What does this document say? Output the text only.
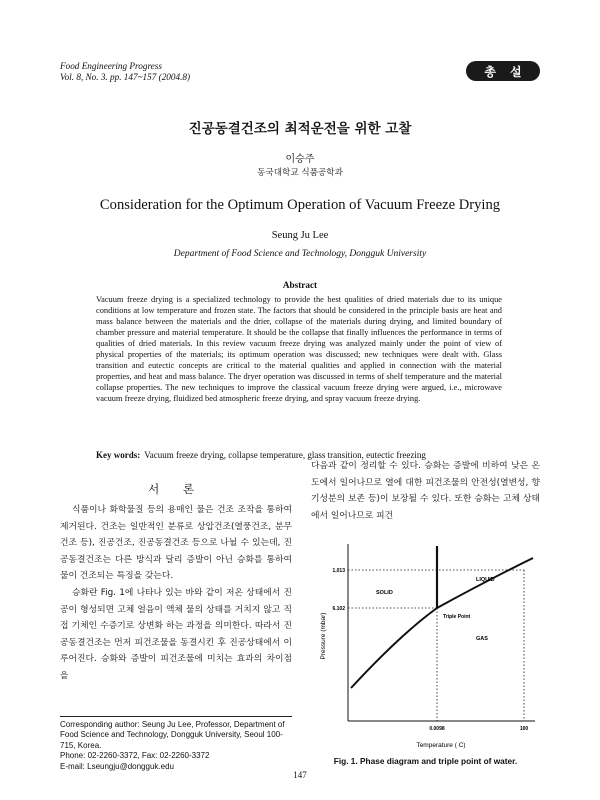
Food Engineering Progress
Vol. 8, No. 3. pp. 147~157 (2004.8)	총설
진공동결건조의 최적운전을 위한 고찰
이승주
동국대학교 식품공학과
Consideration for the Optimum Operation of Vacuum Freeze Drying
Seung Ju Lee
Department of Food Science and Technology, Dongguk University
Abstract
Vacuum freeze drying is a specialized technology to provide the best qualities of dried materials due to its unique conditions at low temperature and frozen state. The factors that should be considered in the principle basis are heat and mass balance between the materials and the drier, collapse of the materials during drying, and limited boundary of chamber pressure and material temperature. It should be the collapse that finally influences the performance in terms of qualities of dried materials. In this review vacuum freeze drying was analyzed mainly under the point of view of physical properties of the materials; its optimum operation was discussed; new techniques were dealt with. Glass transition and eutectic concepts are critical to the material qualities and applied in connection with the material properties, and heat and mass balance. The dryer operation was discussed in terms of shelf temperature and the material collapse properties. The new techniques to improve the classical vacuum freeze drying were argued, i.e., microwave vacuum freeze drying, fluidized bed atmospheric freeze drying, and spray vacuum freeze drying.
Key words: Vacuum freeze drying, collapse temperature, glass transition, eutectic freezing
서 론

식품이나 화학물질 등의 용매인 물은 건조 조작을 통하여 제거된다. 건조는 일반적인 분류로 상압건조(열풍건조, 분무건조 등), 진공건조, 진공동결건조 등으로 나뉠 수 있는데, 진공동결건조는 다른 방식과 달리 증발이 아닌 승화를 통하여 물이 건조되는 특징을 갖는다.

승화란 Fig. 1에 나타나 있는 바와 같이 저온 상태에서 진공이 형성되면 고체 얼음이 액체 물의 상태를 거치지 않고 직접 기체인 수증기로 상변화 하는 과정을 의미한다. 따라서 진공동결건조는 먼저 피건조물을 동결시킨 후 진공상태에서 이루어진다. 승화와 증발이 피건조물에 미치는 효과의 차이점을

다음과 같이 정리할 수 있다. 승화는 증발에 비하여 낮은 온도에서 일어나므로 열에 대한 피건조물의 안전성(열변성, 향기성분의 보존 등)이 보장될 수 있다. 또한 승화는 고체 상태에서 일어나므로 피건

Corresponding author: Seung Ju Lee, Professor, Department of Food Science and Technology, Dongguk University, Seoul 100-715, Korea.
Phone: 02-2260-3372, Fax: 02-2260-3372
E-mail: Lseungju@dongguk.edu
1,013
6.102
0.0098	100
SOLID
LIQUID
GAS
Triple Point
Pressure (mbar)
Temperature ( C)
Fig. 1. Phase diagram and triple point of water.
147
